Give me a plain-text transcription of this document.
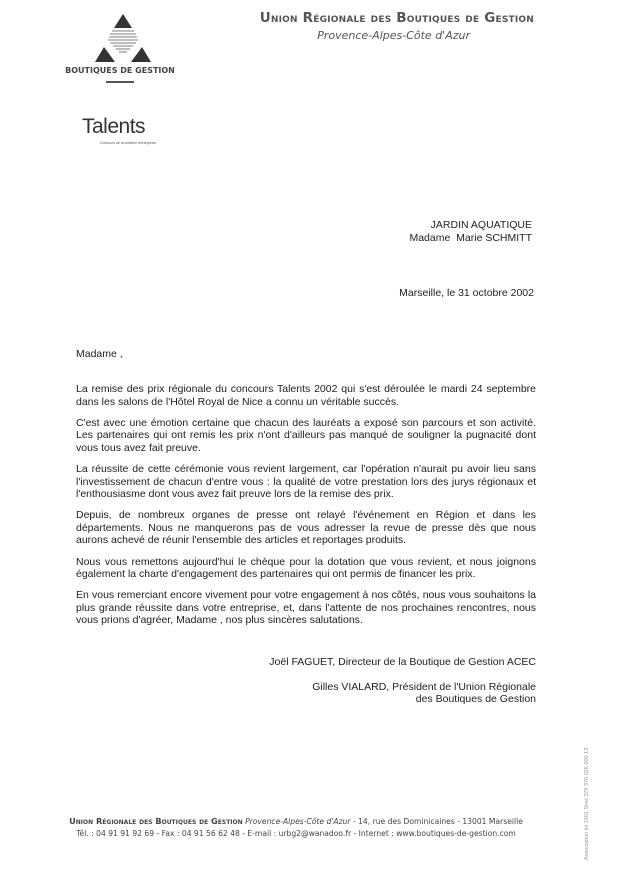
BOUTIQUES DE GESTION
Union Régionale des Boutiques de Gestion
Provence-Alpes-Côte d'Azur
Talents
Concours de la création d'entreprise
JARDIN AQUATIQUE
Madame  Marie SCHMITT
Marseille, le 31 octobre 2002
Madame ,

La remise des prix régionale du concours Talents 2002 qui s'est déroulée le mardi 24 septembre dans les salons de l'Hôtel Royal de Nice a connu un véritable succès.

C'est avec une émotion certaine que chacun des lauréats a exposé son parcours et son activité. Les partenaires qui ont remis les prix n'ont d'ailleurs pas manqué de souligner la pugnacité dont vous tous avez fait preuve.

La réussite de cette cérémonie vous revient largement, car l'opération n'aurait pu avoir lieu sans l'investissement de chacun d'entre vous : la qualité de votre prestation lors des jurys régionaux et l'enthousiasme dont vous avez fait preuve lors de la remise des prix.

Depuis, de nombreux organes de presse ont relayé l'événement en Région et dans les départements. Nous ne manquerons pas de vous adresser la revue de presse dès que nous aurons achevé de réunir l'ensemble des articles et reportages produits.

Nous vous remettons aujourd'hui le chèque pour la dotation que vous revient, et nous joignons également la charte d'engagement des partenaires qui ont permis de financer les prix.

En vous remerciant encore vivement pour votre engagement à nos côtés, nous vous souhaitons la plus grande réussite dans votre entreprise, et, dans l'attente de nos prochaines rencontres, nous vous prions d'agréer, Madame , nos plus sincères salutations.

Joël FAGUET, Directeur de la Boutique de Gestion ACEC
Gilles VIALARD, Président de l'Union Régionale
des Boutiques de Gestion
Union Régionale des Boutiques de Gestion Provence-Alpes-Côte d'Azur - 14, rue des Dominicaines - 13001 Marseille
Tél. : 04 91 91 92 69 - Fax : 04 91 56 62 48 - E-mail : urbg2@wanadoo.fr - Internet : www.boutiques-de-gestion.com	Association loi 1901 Siret 379 370 026 000 13
